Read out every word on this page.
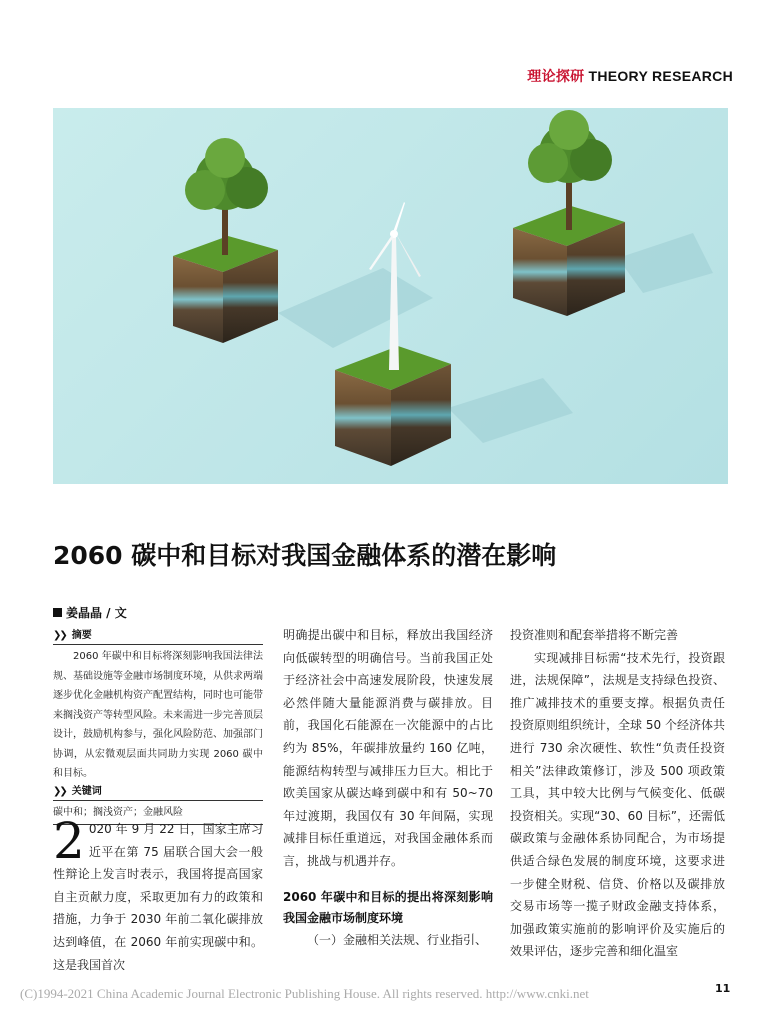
理论探研 THEORY RESEARCH
2060 碳中和目标对我国金融体系的潜在影响
姜晶晶 / 文
❯❯ 摘要

2060 年碳中和目标将深刻影响我国法律法规、基础设施等金融市场制度环境，从供求两端逐步优化金融机构资产配置结构，同时也可能带来搁浅资产等转型风险。未来需进一步完善顶层设计，鼓励机构参与，强化风险防范、加强部门协调，从宏微观层面共同助力实现 2060 碳中和目标。

❯❯ 关键词

碳中和；搁浅资产；金融风险

2 020 年 9 月 22 日，国家主席习近平在第 75 届联合国大会一般性辩论上发言时表示，我国将提高国家自主贡献力度，采取更加有力的政策和措施，力争于 2030 年前二氧化碳排放达到峰值，在 2060 年前实现碳中和。这是我国首次

明确提出碳中和目标，释放出我国经济向低碳转型的明确信号。当前我国正处于经济社会中高速发展阶段，快速发展必然伴随大量能源消费与碳排放。目前，我国化石能源在一次能源中的占比约为 85%，年碳排放量约 160 亿吨，能源结构转型与减排压力巨大。相比于欧美国家从碳达峰到碳中和有 50~70 年过渡期，我国仅有 30 年间隔，实现减排目标任重道远，对我国金融体系而言，挑战与机遇并存。

2060 年碳中和目标的提出将深刻影响我国金融市场制度环境

（一）金融相关法规、行业指引、

投资准则和配套举措将不断完善

实现减排目标需“技术先行，投资跟进，法规保障”，法规是支持绿色投资、推广减排技术的重要支撑。根据负责任投资原则组织统计，全球 50 个经济体共进行 730 余次硬性、软性“负责任投资相关”法律政策修订，涉及 500 项政策工具，其中较大比例与气候变化、低碳投资相关。实现“30、60 目标”，还需低碳政策与金融体系协同配合，为市场提供适合绿色发展的制度环境，这要求进一步健全财税、信贷、价格以及碳排放交易市场等一揽子财政金融支持体系，加强政策实施前的影响评价及实施后的效果评估，逐步完善和细化温室

11
(C)1994-2021 China Academic Journal Electronic Publishing House. All rights reserved. http://www.cnki.net
